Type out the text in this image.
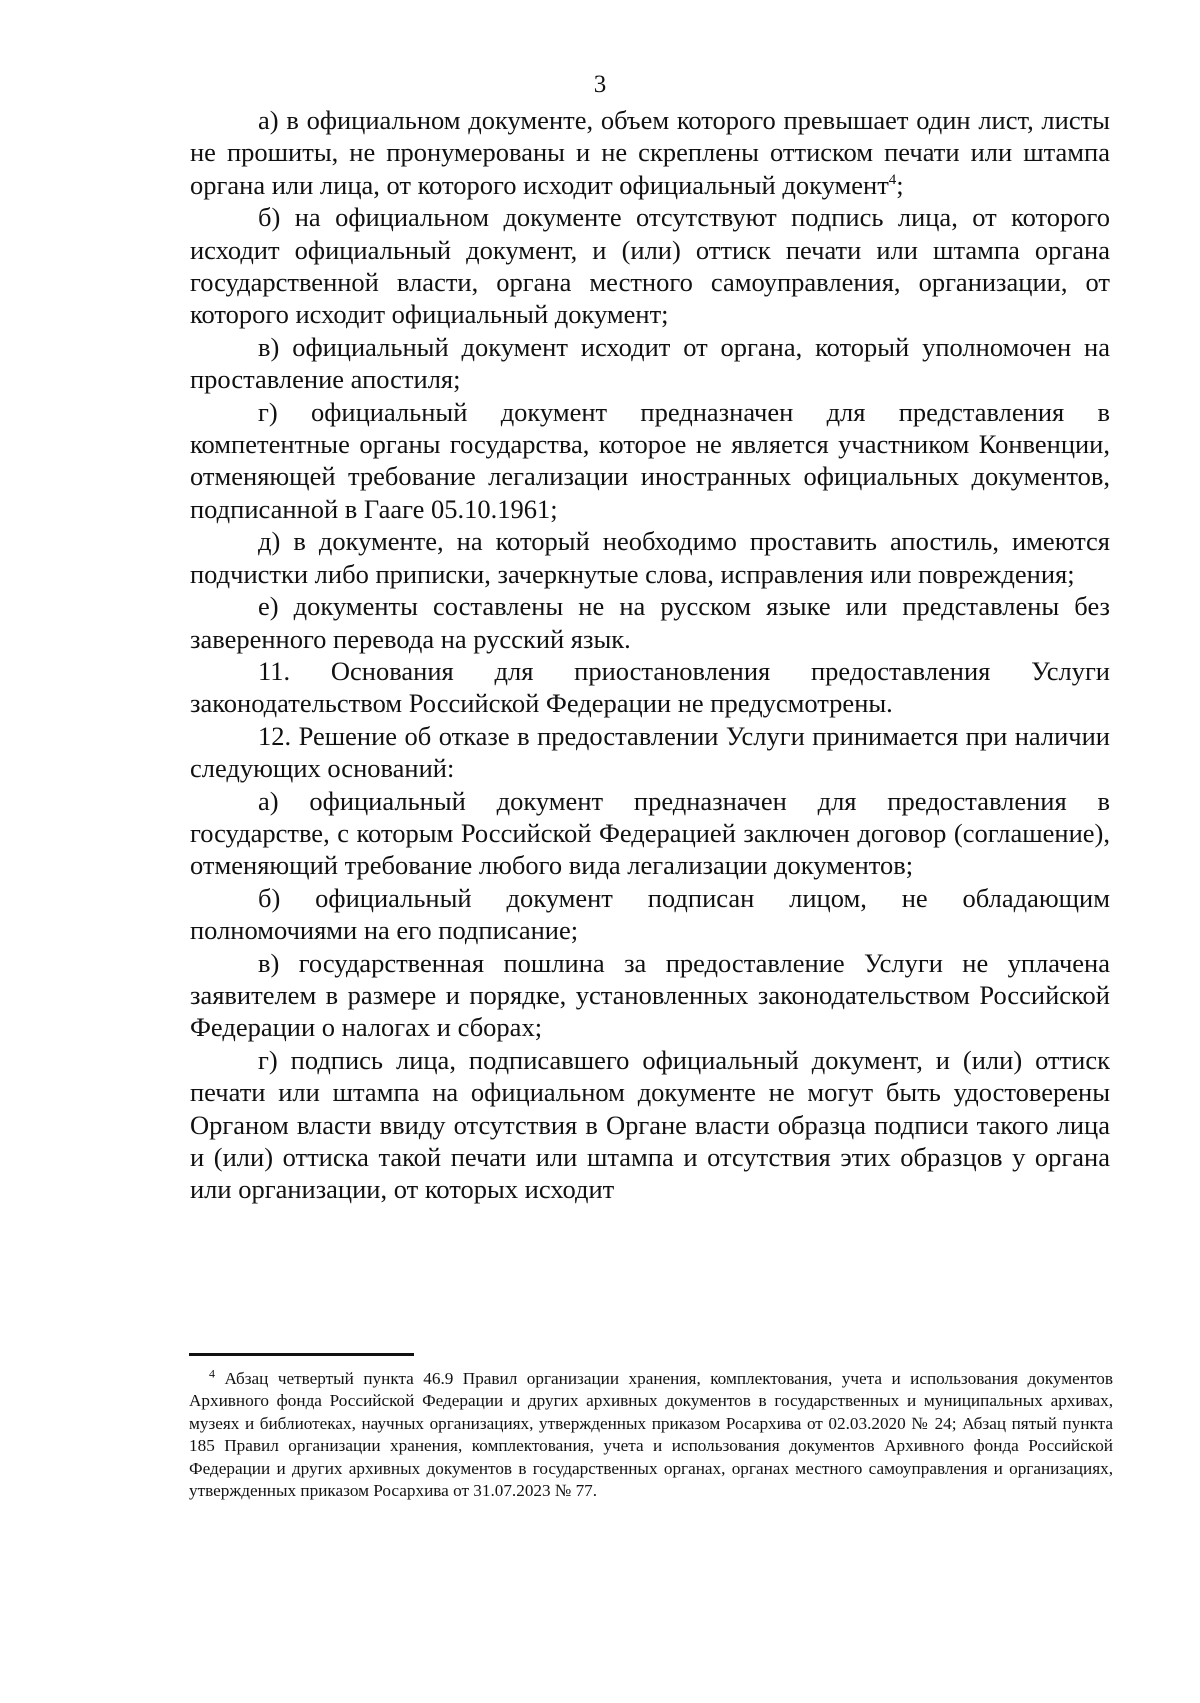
3

а) в официальном документе, объем которого превышает один лист, листы не прошиты, не пронумерованы и не скреплены оттиском печати или штампа органа или лица, от которого исходит официальный документ$^4$;

б) на официальном документе отсутствуют подпись лица, от которого исходит официальный документ, и (или) оттиск печати или штампа органа государственной власти, органа местного самоуправления, организации, от которого исходит официальный документ;

в) официальный документ исходит от органа, который уполномочен на проставление апостиля;

г) официальный документ предназначен для представления в компетентные органы государства, которое не является участником Конвенции, отменяющей требование легализации иностранных официальных документов, подписанной в Гааге 05.10.1961;

д) в документе, на который необходимо проставить апостиль, имеются подчистки либо приписки, зачеркнутые слова, исправления или повреждения;

е) документы составлены не на русском языке или представлены без заверенного перевода на русский язык.

11. Основания для приостановления предоставления Услуги законодательством Российской Федерации не предусмотрены.

12. Решение об отказе в предоставлении Услуги принимается при наличии следующих оснований:

а) официальный документ предназначен для предоставления в государстве, с которым Российской Федерацией заключен договор (соглашение), отменяющий требование любого вида легализации документов;

б) официальный документ подписан лицом, не обладающим полномочиями на его подписание;

в) государственная пошлина за предоставление Услуги не уплачена заявителем в размере и порядке, установленных законодательством Российской Федерации о налогах и сборах;

г) подпись лица, подписавшего официальный документ, и (или) оттиск печати или штампа на официальном документе не могут быть удостоверены Органом власти ввиду отсутствия в Органе власти образца подписи такого лица и (или) оттиска такой печати или штампа и отсутствия этих образцов у органа или организации, от которых исходит

$^4$ Абзац четвертый пункта 46.9 Правил организации хранения, комплектования, учета и использования документов Архивного фонда Российской Федерации и других архивных документов в государственных и муниципальных архивах, музеях и библиотеках, научных организациях, утвержденных приказом Росархива от 02.03.2020 № 24; Абзац пятый пункта 185 Правил организации хранения, комплектования, учета и использования документов Архивного фонда Российской Федерации и других архивных документов в государственных органах, органах местного самоуправления и организациях, утвержденных приказом Росархива от 31.07.2023 № 77.
